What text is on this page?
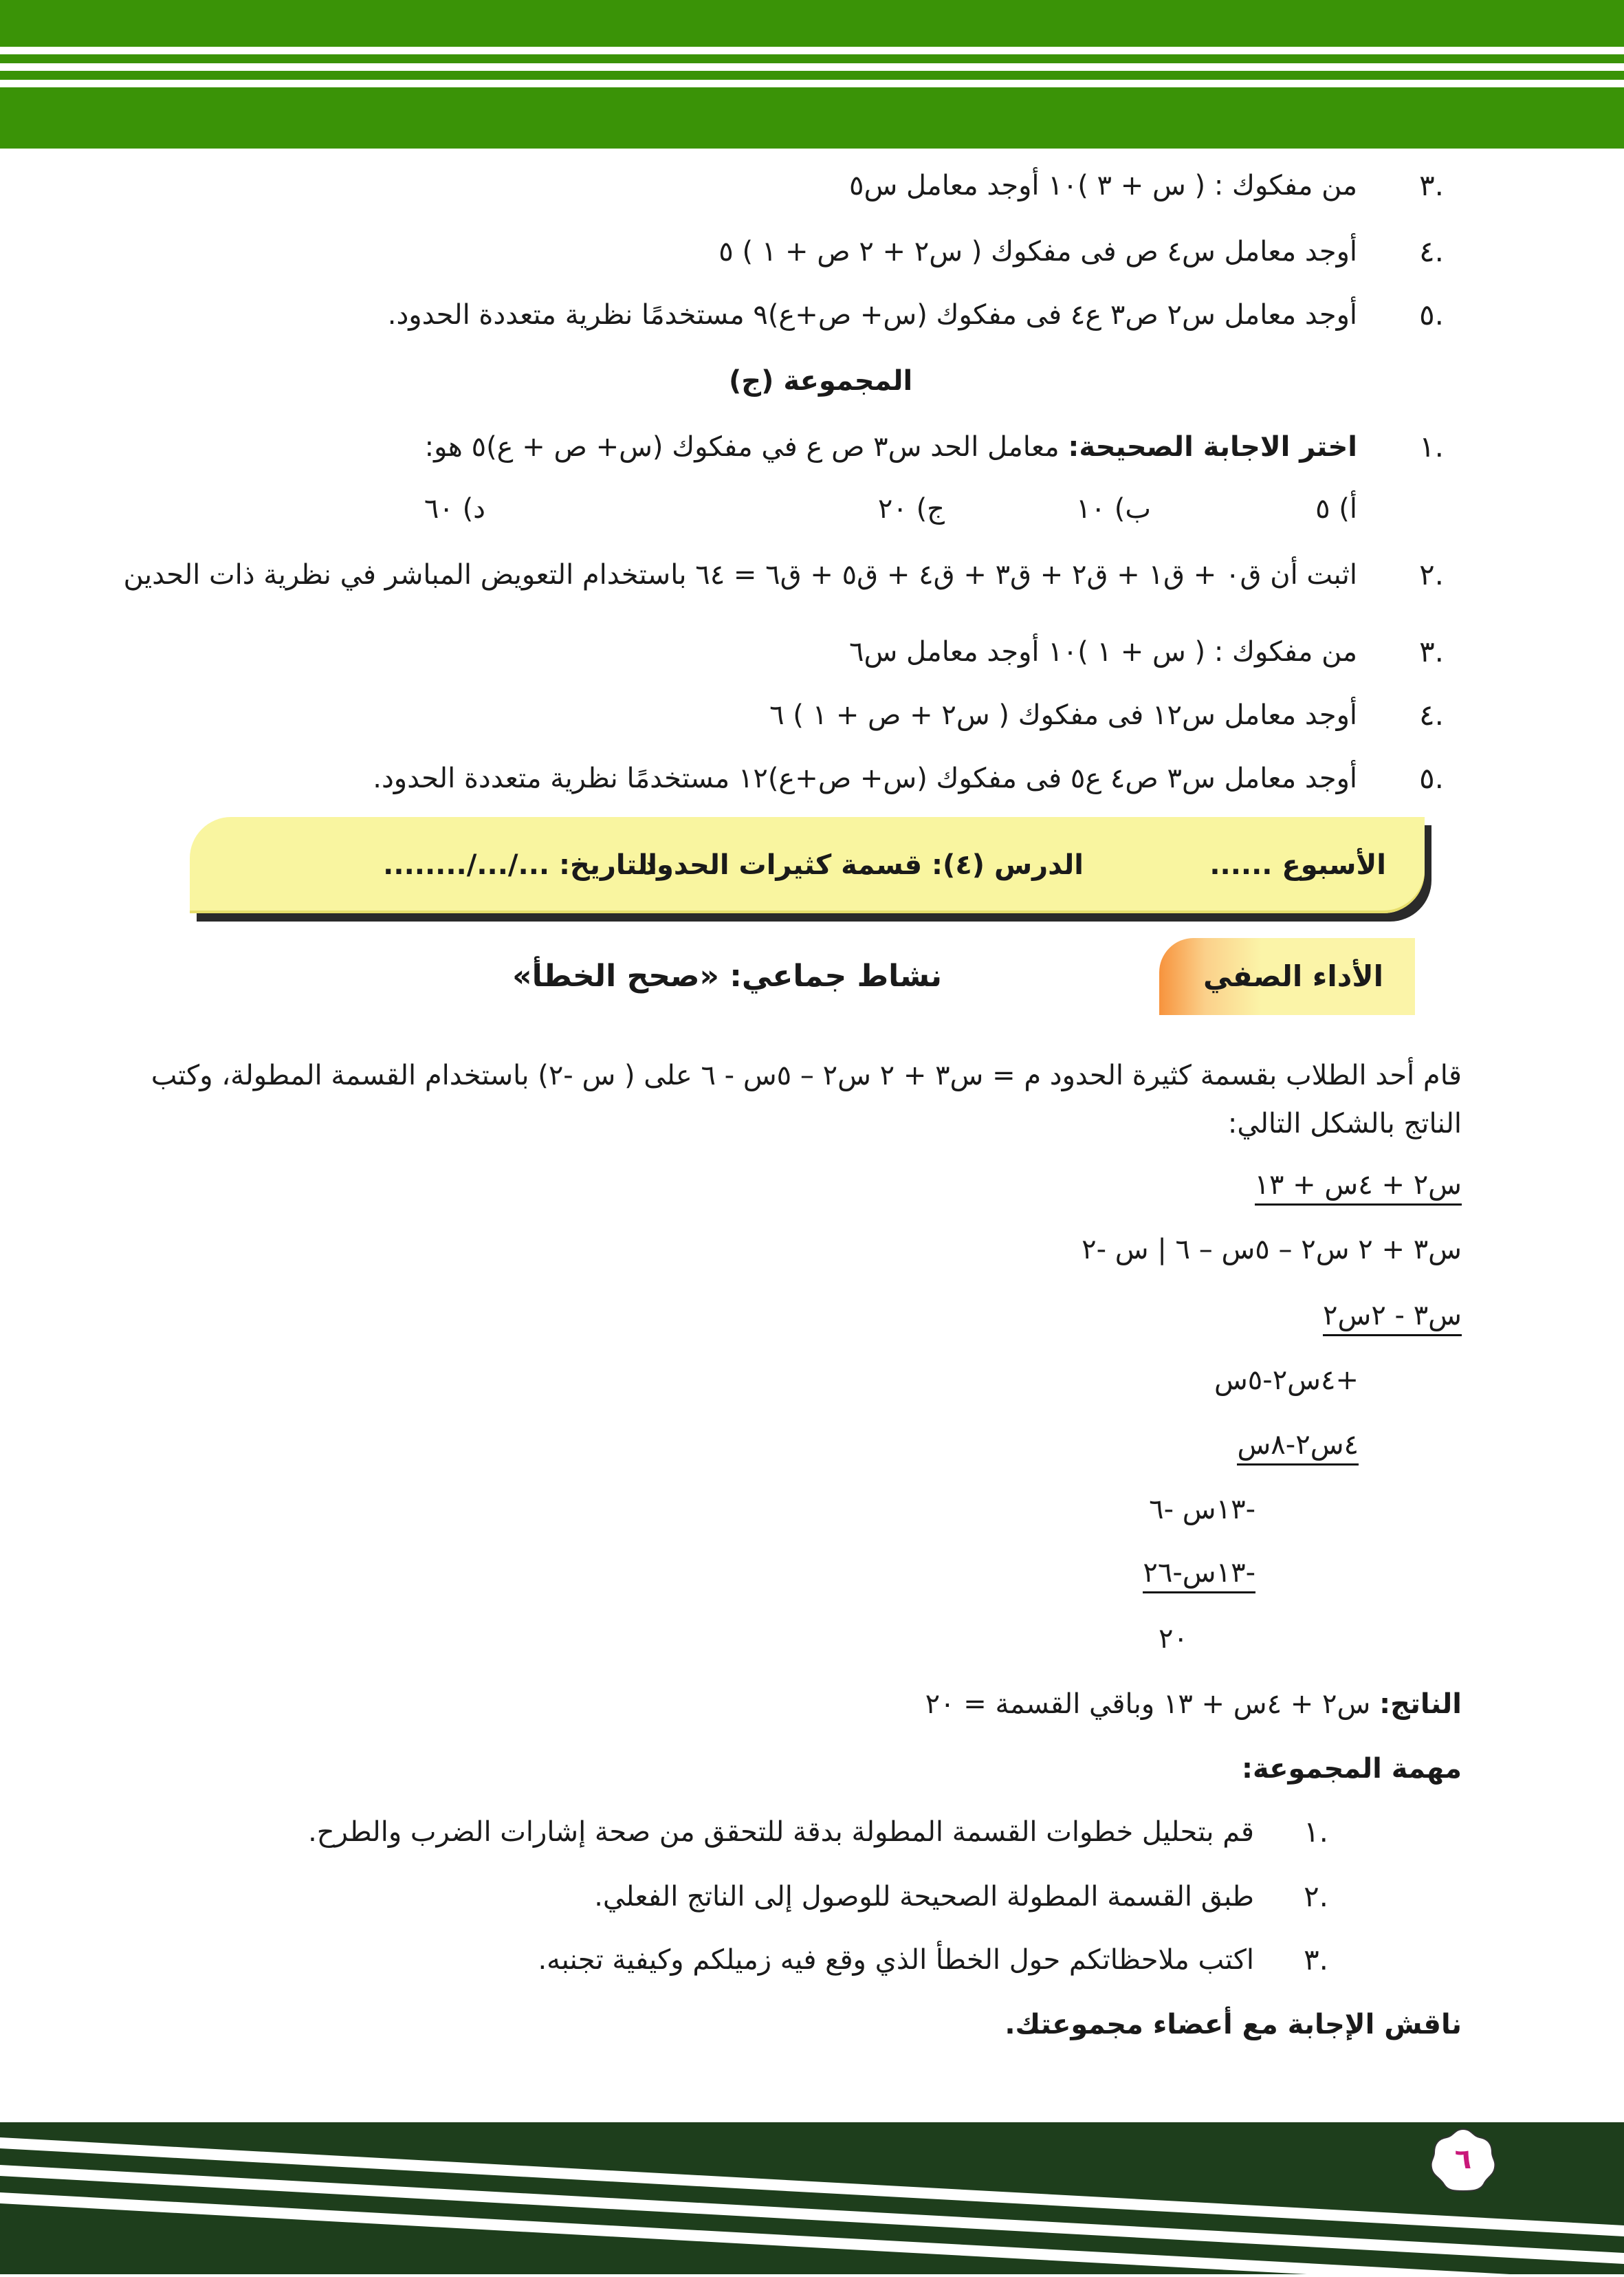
.٣
من مفكوك : ( س + ٣ )١٠ أوجد معامل س٥
.٤
أوجد معامل س٤ ص فى مفكوك ( س٢ + ٢ ص + ١ ) ٥
.٥
أوجد معامل س٢ ص٣ ع٤ فى مفكوك (س+ ص+ع)٩ مستخدمًا نظرية متعددة الحدود.
المجموعة (ج)
.١
اختر الاجابة الصحيحة: معامل الحد س٣ ص ع في مفكوك (س+ ص + ع)٥ هو:
أ) ٥
ب) ١٠
ج) ٢٠
د) ٦٠
.٢
اثبت أن ق٠ + ق١ + ق٢ + ق٣ + ق٤ + ق٥ + ق٦ = ٦٤ باستخدام التعويض المباشر في نظرية ذات الحدين
.٣
من مفكوك : ( س + ١ )١٠ أوجد معامل س٦
.٤
أوجد معامل س١٢ فى مفكوك ( س٢ + ص + ١ ) ٦
.٥
أوجد معامل س٣ ص٤ ع٥ فى مفكوك (س+ ص+ع)١٢ مستخدمًا نظرية متعددة الحدود.
الأسبوع ......
الدرس (٤): قسمة كثيرات الحدود
التاريخ: .../.../........
الأداء الصفي
نشاط جماعي: «صحح الخطأ»
قام أحد الطلاب بقسمة كثيرة الحدود م = س٣ + ٢ س٢ – ٥س - ٦ على ( س -٢) باستخدام القسمة المطولة، وكتب
الناتج بالشكل التالي:
س٢ + ٤س + ١٣
س٣ + ٢ س٢ – ٥س – ٦ | س -٢
س٣ - ٢س٢
+٤س٢-٥س
٤س٢-٨س
-١٣س -٦
-١٣س-٢٦
٢٠
الناتج: س٢ + ٤س + ١٣ وباقي القسمة = ٢٠
مهمة المجموعة:
.١
قم بتحليل خطوات القسمة المطولة بدقة للتحقق من صحة إشارات الضرب والطرح.
.٢
طبق القسمة المطولة الصحيحة للوصول إلى الناتج الفعلي.
.٣
اكتب ملاحظاتكم حول الخطأ الذي وقع فيه زميلكم وكيفية تجنبه.
ناقش الإجابة مع أعضاء مجموعتك.
٦
